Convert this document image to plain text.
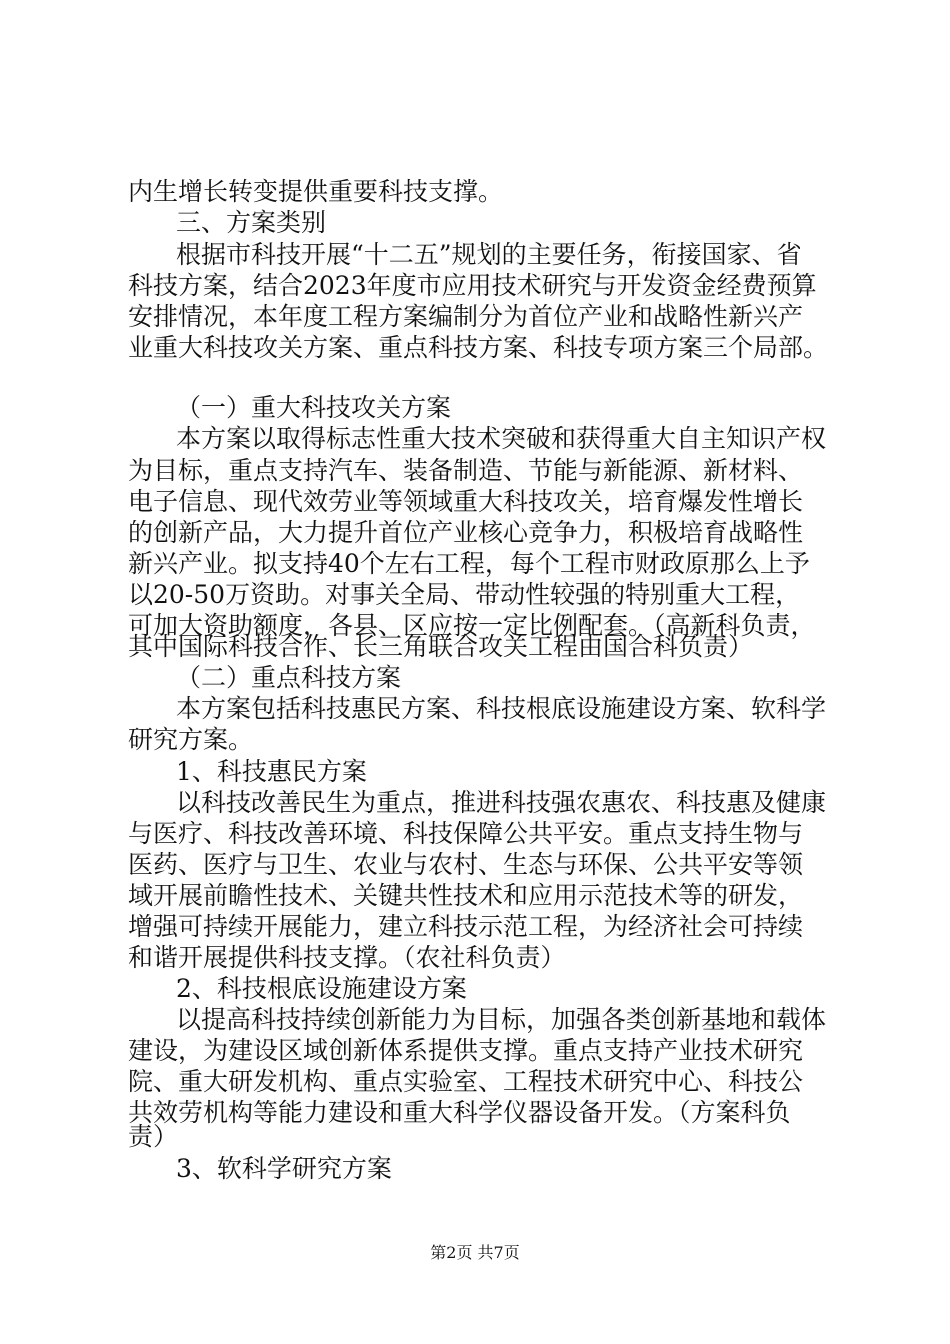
内生增长转变提供重要科技支撑。
三、方案类别
根据市科技开展“十二五”规划的主要任务，衔接国家、省
科技方案，结合2023年度市应用技术研究与开发资金经费预算
安排情况，本年度工程方案编制分为首位产业和战略性新兴产
业重大科技攻关方案、重点科技方案、科技专项方案三个局部。
（一）重大科技攻关方案
本方案以取得标志性重大技术突破和获得重大自主知识产权
为目标，重点支持汽车、装备制造、节能与新能源、新材料、
电子信息、现代效劳业等领域重大科技攻关，培育爆发性增长
的创新产品，大力提升首位产业核心竞争力，积极培育战略性
新兴产业。拟支持40个左右工程，每个工程市财政原那么上予
以20-50万资助。对事关全局、带动性较强的特别重大工程，
可加大资助额度，各县、区应按一定比例配套。（高新科负责，
其中国际科技合作、长三角联合攻关工程由国合科负责）
（二）重点科技方案
本方案包括科技惠民方案、科技根底设施建设方案、软科学
研究方案。
1、科技惠民方案
以科技改善民生为重点，推进科技强农惠农、科技惠及健康
与医疗、科技改善环境、科技保障公共平安。重点支持生物与
医药、医疗与卫生、农业与农村、生态与环保、公共平安等领
域开展前瞻性技术、关键共性技术和应用示范技术等的研发，
增强可持续开展能力，建立科技示范工程，为经济社会可持续
和谐开展提供科技支撑。（农社科负责）
2、科技根底设施建设方案
以提高科技持续创新能力为目标，加强各类创新基地和载体
建设，为建设区域创新体系提供支撑。重点支持产业技术研究
院、重大研发机构、重点实验室、工程技术研究中心、科技公
共效劳机构等能力建设和重大科学仪器设备开发。（方案科负
责）
3、软科学研究方案
第2页 共7页
